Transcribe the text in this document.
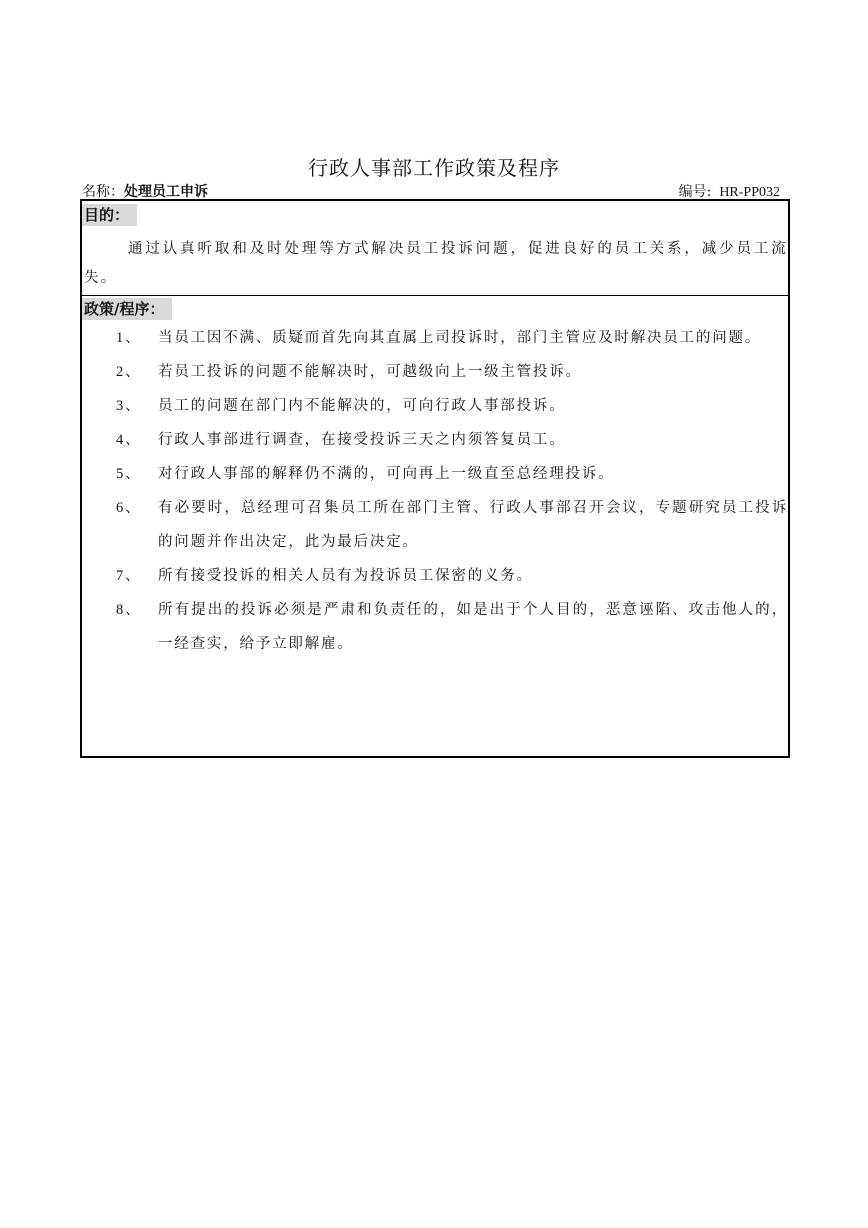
行政人事部工作政策及程序
名称：处理员工申诉	编号: HR-PP032
目的：
通过认真听取和及时处理等方式解决员工投诉问题，促进良好的员工关系，减少员工流失。
政策/程序：
1、 当员工因不满、质疑而首先向其直属上司投诉时，部门主管应及时解决员工的问题。
2、 若员工投诉的问题不能解决时，可越级向上一级主管投诉。
3、 员工的问题在部门内不能解决的，可向行政人事部投诉。
4、 行政人事部进行调查，在接受投诉三天之内须答复员工。
5、 对行政人事部的解释仍不满的，可向再上一级直至总经理投诉。
6、 有必要时，总经理可召集员工所在部门主管、行政人事部召开会议，专题研究员工投诉的问题并作出决定，此为最后决定。
7、 所有接受投诉的相关人员有为投诉员工保密的义务。
8、 所有提出的投诉必须是严肃和负责任的，如是出于个人目的，恶意诬陷、攻击他人的，一经查实，给予立即解雇。
